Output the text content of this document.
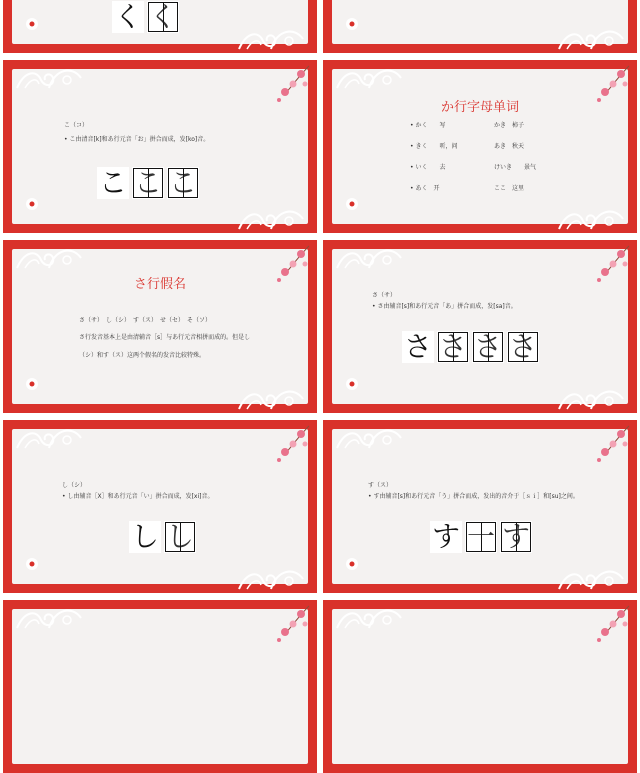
く く
こ（コ）
• こ由清音[k]和あ行元音「お」拼合而成，发[ko]音。
こ こ こ
か行字母单词
• かく　　写	かき　柿子
• きく　　听，问	あき　秋天
• いく　　去	けいき　　景气
• あく　开	ここ　这里
さ行假名
さ（サ）　し（シ）　す（ス）　せ（セ）　そ（ソ）
さ行发音基本上是由清辅音［s］与あ行元音相拼而成的。但是し
（シ）和す（ス）这两个假名的发音比较特殊。
さ（サ）
• さ由辅音[s]和あ行元音「あ」拼合而成，发[sa]音。
さ さ さ さ
し（シ）
• し由辅音［X］和あ行元音「い」拼合而成，发[xi]音。
し し
す（ス）
• す由辅音[s]和あ行元音「う」拼合而成，发出的音介于［ｓｉ］和[su]之间。
す 一 す
